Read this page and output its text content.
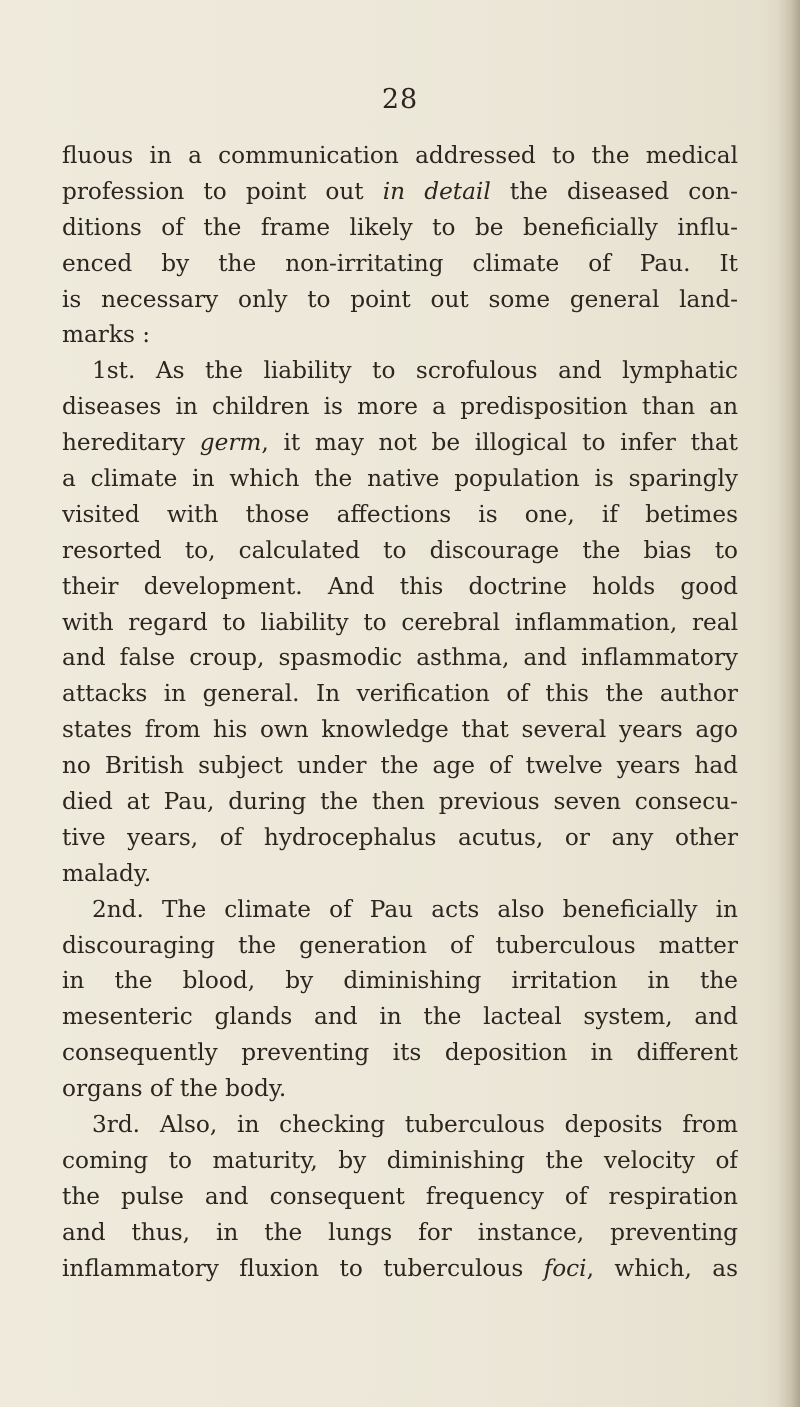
28
fluous in a communication addressed to the medical
profession to point out in detail the diseased con-
ditions of the frame likely to be beneficially influ-
enced by the non-irritating climate of Pau. It
is necessary only to point out some general land-
marks :
1st. As the liability to scrofulous and lymphatic
diseases in children is more a predisposition than an
hereditary germ, it may not be illogical to infer that
a climate in which the native population is sparingly
visited with those affections is one, if betimes
resorted to, calculated to discourage the bias to
their development. And this doctrine holds good
with regard to liability to cerebral inflammation, real
and false croup, spasmodic asthma, and inflammatory
attacks in general. In verification of this the author
states from his own knowledge that several years ago
no British subject under the age of twelve years had
died at Pau, during the then previous seven consecu-
tive years, of hydrocephalus acutus, or any other
malady.
2nd. The climate of Pau acts also beneficially in
discouraging the generation of tuberculous matter
in the blood, by diminishing irritation in the
mesenteric glands and in the lacteal system, and
consequently preventing its deposition in different
organs of the body.
3rd. Also, in checking tuberculous deposits from
coming to maturity, by diminishing the velocity of
the pulse and consequent frequency of respiration
and thus, in the lungs for instance, preventing
inflammatory fluxion to tuberculous foci, which, as
